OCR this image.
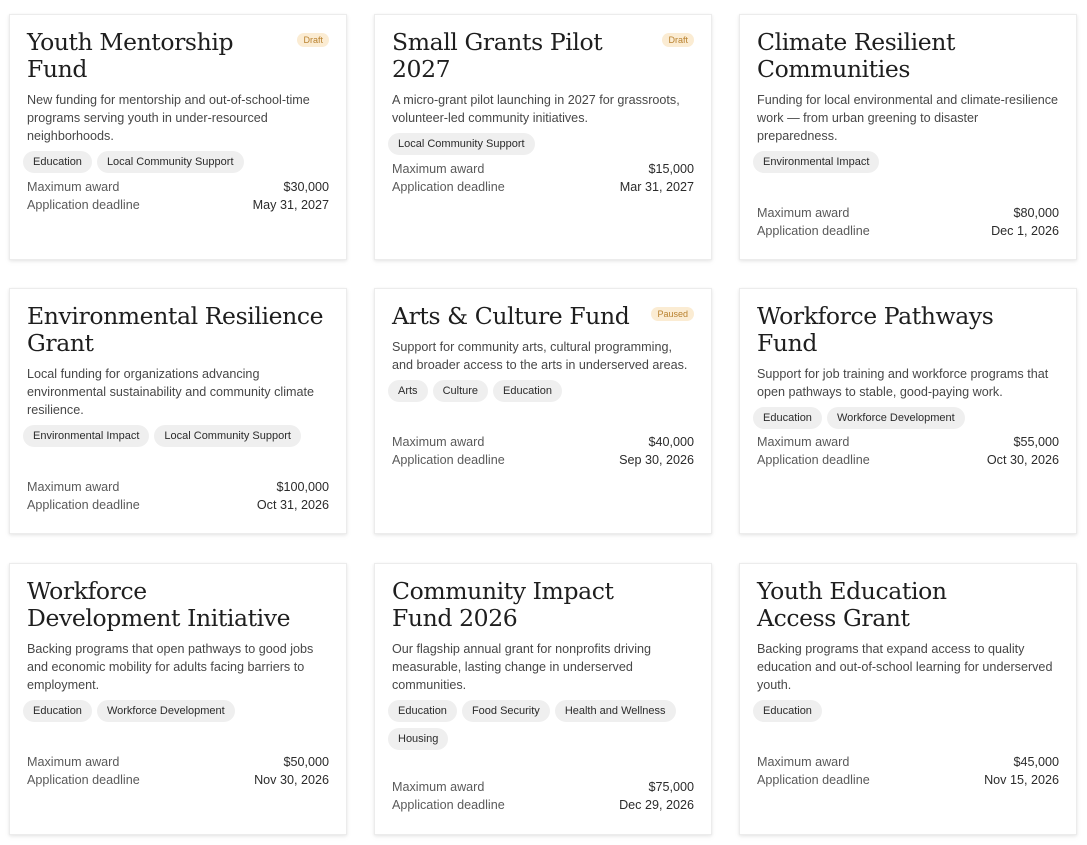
Youth Mentorship Fund
Draft
New funding for mentorship and out-of-school-time programs serving youth in under-resourced neighborhoods.
Education	Local Community Support
Maximum award	$30,000
Application deadline	May 31, 2027
Small Grants Pilot 2027
Draft
A micro-grant pilot launching in 2027 for grassroots, volunteer-led community initiatives.
Local Community Support
Maximum award	$15,000
Application deadline	Mar 31, 2027
Climate Resilient Communities
Funding for local environmental and climate-resilience work — from urban greening to disaster preparedness.
Environmental Impact
Maximum award	$80,000
Application deadline	Dec 1, 2026
Environmental Resilience Grant
Local funding for organizations advancing environmental sustainability and community climate resilience.
Environmental Impact	Local Community Support
Maximum award	$100,000
Application deadline	Oct 31, 2026
Arts & Culture Fund	Paused
Support for community arts, cultural programming, and broader access to the arts in underserved areas.
Arts	Culture	Education
Maximum award	$40,000
Application deadline	Sep 30, 2026
Workforce Pathways Fund
Support for job training and workforce programs that open pathways to stable, good-paying work.
Education	Workforce Development
Maximum award	$55,000
Application deadline	Oct 30, 2026
Workforce Development Initiative
Backing programs that open pathways to good jobs and economic mobility for adults facing barriers to employment.
Education	Workforce Development
Maximum award	$50,000
Application deadline	Nov 30, 2026
Community Impact Fund 2026
Our flagship annual grant for nonprofits driving measurable, lasting change in underserved communities.
Education	Food Security	Health and Wellness
Housing
Maximum award	$75,000
Application deadline	Dec 29, 2026
Youth Education Access Grant
Backing programs that expand access to quality education and out-of-school learning for underserved youth.
Education
Maximum award	$45,000
Application deadline	Nov 15, 2026
